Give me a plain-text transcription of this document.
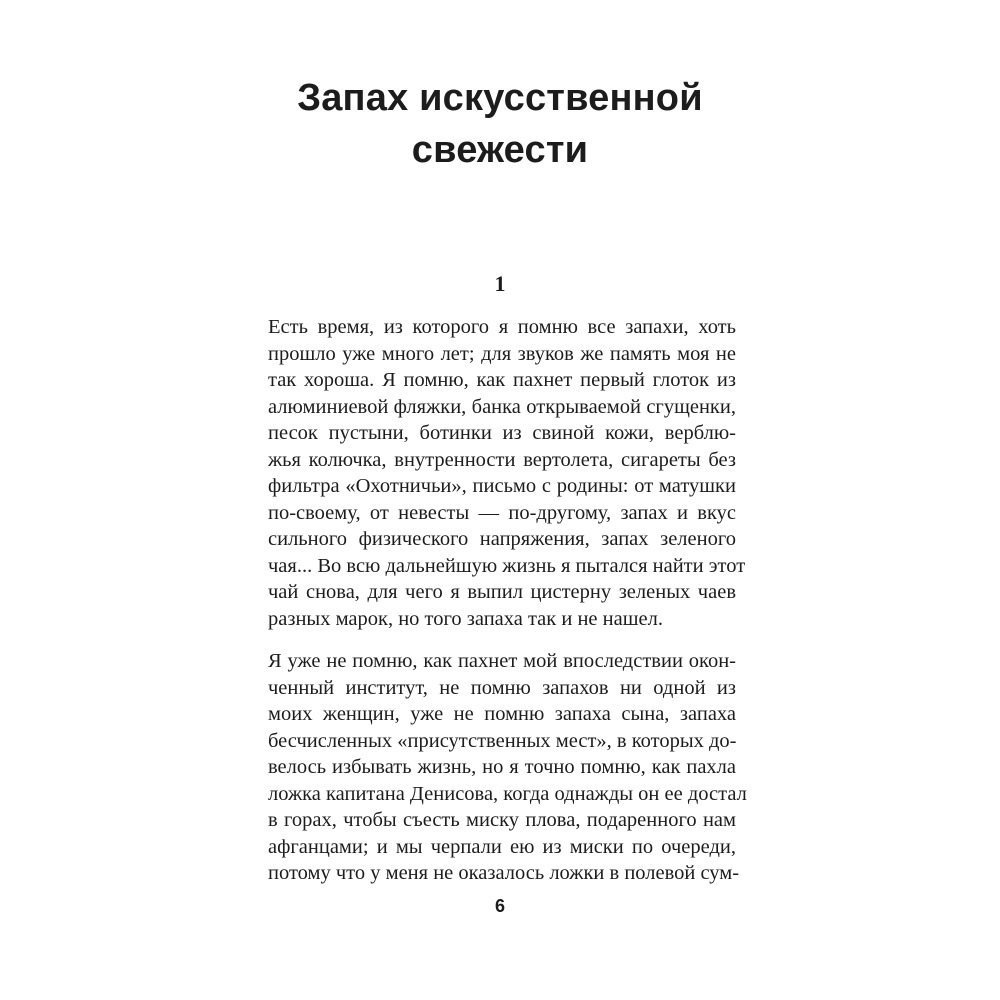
Запах искусственной
свежести
1

Есть время, из которого я помню все запахи, хоть
прошло уже много лет; для звуков же память моя не
так хороша. Я помню, как пахнет первый глоток из
алюминиевой фляжки, банка открываемой сгущенки,
песок пустыни, ботинки из свиной кожи, верблю-
жья колючка, внутренности вертолета, сигареты без
фильтра «Охотничьи», письмо с родины: от матушки
по-своему, от невесты — по-другому, запах и вкус
сильного физического напряжения, запах зеленого
чая... Во всю дальнейшую жизнь я пытался найти этот
чай снова, для чего я выпил цистерну зеленых чаев
разных марок, но того запаха так и не нашел.

Я уже не помню, как пахнет мой впоследствии окон-
ченный институт, не помню запахов ни одной из
моих женщин, уже не помню запаха сына, запаха
бесчисленных «присутственных мест», в которых до-
велось избывать жизнь, но я точно помню, как пахла
ложка капитана Денисова, когда однажды он ее достал
в горах, чтобы съесть миску плова, подаренного нам
афганцами; и мы черпали ею из миски по очереди,
потому что у меня не оказалось ложки в полевой сум-

6
